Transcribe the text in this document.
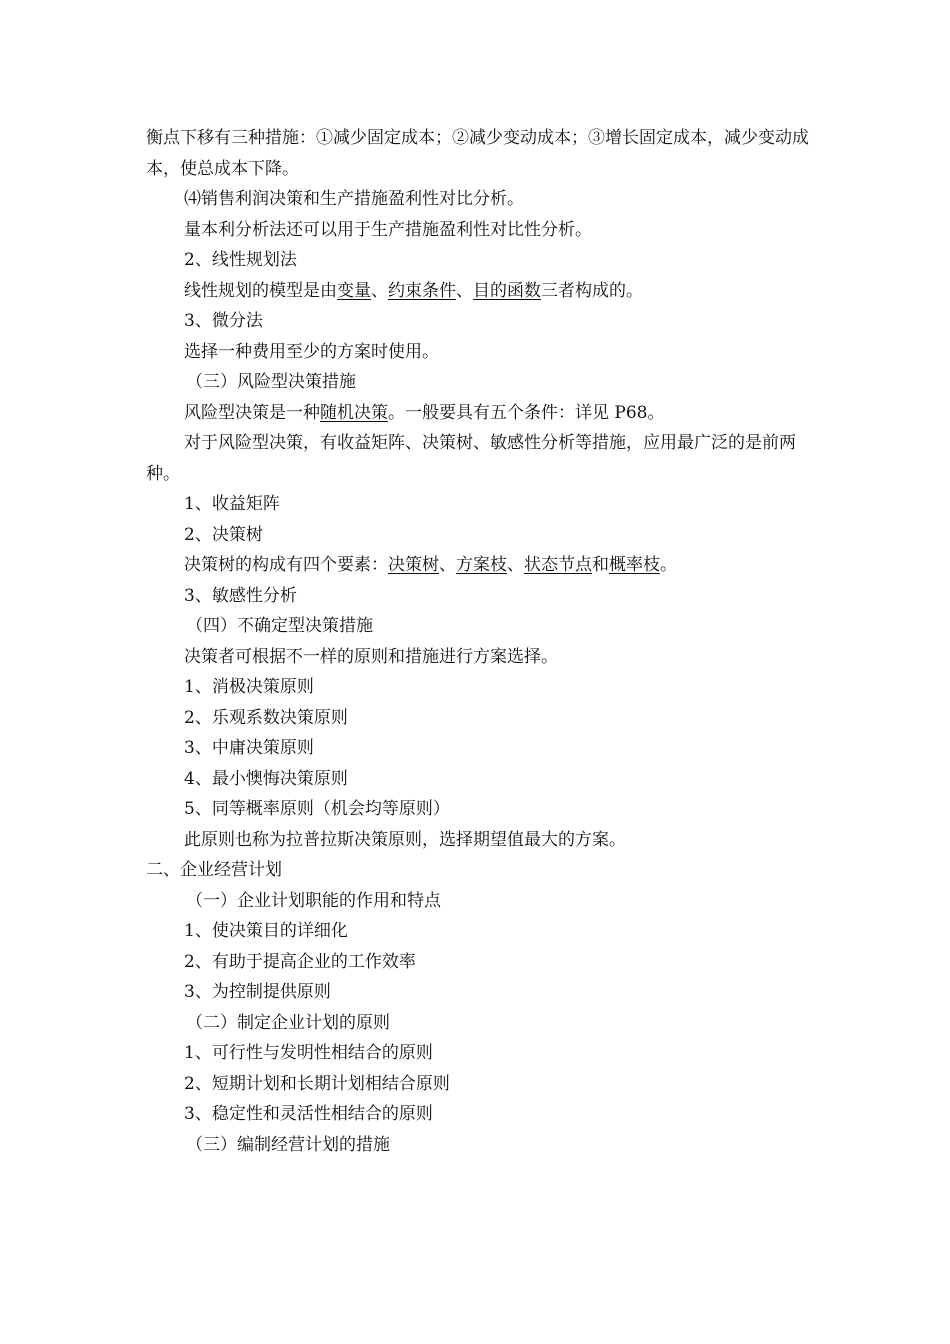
衡点下移有三种措施：①减少固定成本；②减少变动成本；③增长固定成本，减少变动成本，使总成本下降。
⑷销售利润决策和生产措施盈利性对比分析。
量本利分析法还可以用于生产措施盈利性对比性分析。
2、线性规划法
线性规划的模型是由变量、约束条件、目的函数三者构成的。
3、微分法
选择一种费用至少的方案时使用。
（三）风险型决策措施
风险型决策是一种随机决策。一般要具有五个条件：详见 P68。
对于风险型决策，有收益矩阵、决策树、敏感性分析等措施，应用最广泛的是前两种。
1、收益矩阵
2、决策树
决策树的构成有四个要素：决策树、方案枝、状态节点和概率枝。
3、敏感性分析
（四）不确定型决策措施
决策者可根据不一样的原则和措施进行方案选择。
1、消极决策原则
2、乐观系数决策原则
3、中庸决策原则
4、最小懊悔决策原则
5、同等概率原则（机会均等原则）
此原则也称为拉普拉斯决策原则，选择期望值最大的方案。
二、企业经营计划
（一）企业计划职能的作用和特点
1、使决策目的详细化
2、有助于提高企业的工作效率
3、为控制提供原则
（二）制定企业计划的原则
1、可行性与发明性相结合的原则
2、短期计划和长期计划相结合原则
3、稳定性和灵活性相结合的原则
（三）编制经营计划的措施
